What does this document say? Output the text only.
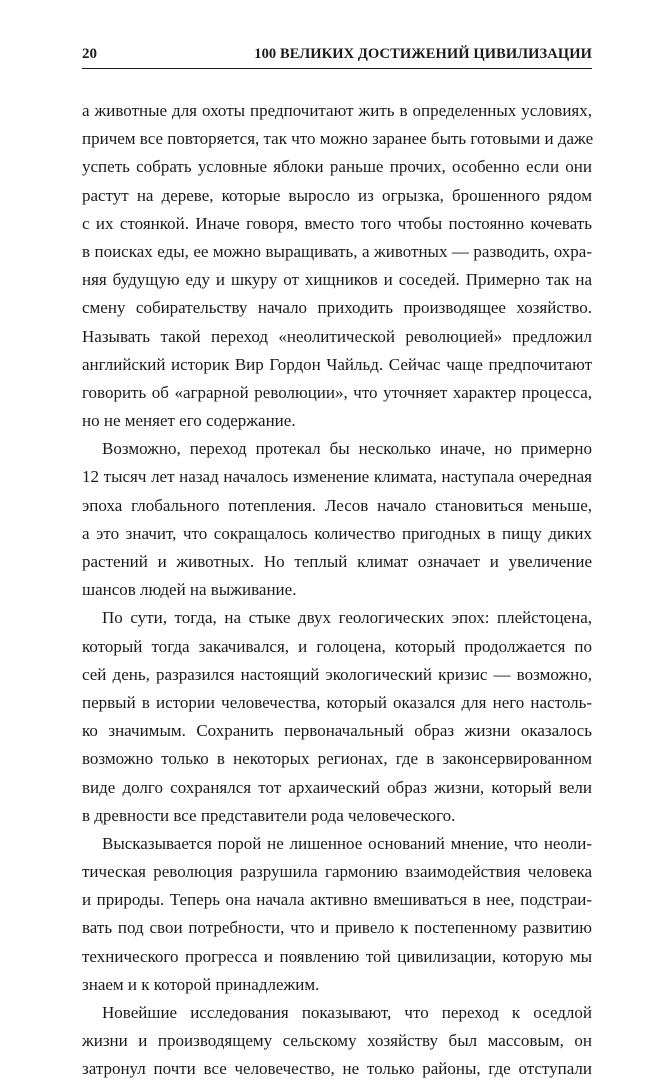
20	100 ВЕЛИКИХ ДОСТИЖЕНИЙ ЦИВИЛИЗАЦИИ
а животные для охоты предпочитают жить в определенных условиях,
причем все повторяется, так что можно заранее быть готовыми и даже
успеть собрать условные яблоки раньше прочих, особенно если они
растут на дереве, которые выросло из огрызка, брошенного рядом
с их стоянкой. Иначе говоря, вместо того чтобы постоянно кочевать
в поисках еды, ее можно выращивать, а животных — разводить, охра-
няя будущую еду и шкуру от хищников и соседей. Примерно так на
смену собирательству начало приходить производящее хозяйство.
Называть такой переход «неолитической революцией» предложил
английский историк Вир Гордон Чайльд. Сейчас чаще предпочитают
говорить об «аграрной революции», что уточняет характер процесса,
но не меняет его содержание.
Возможно, переход протекал бы несколько иначе, но примерно
12 тысяч лет назад началось изменение климата, наступала очередная
эпоха глобального потепления. Лесов начало становиться меньше,
а это значит, что сокращалось количество пригодных в пищу диких
растений и животных. Но теплый климат означает и увеличение
шансов людей на выживание.
По сути, тогда, на стыке двух геологических эпох: плейстоцена,
который тогда закачивался, и голоцена, который продолжается по
сей день, разразился настоящий экологический кризис — возможно,
первый в истории человечества, который оказался для него настоль-
ко значимым. Сохранить первоначальный образ жизни оказалось
возможно только в некоторых регионах, где в законсервированном
виде долго сохранялся тот архаический образ жизни, который вели
в древности все представители рода человеческого.
Высказывается порой не лишенное оснований мнение, что неоли-
тическая революция разрушила гармонию взаимодействия человека
и природы. Теперь она начала активно вмешиваться в нее, подстраи-
вать под свои потребности, что и привело к постепенному развитию
технического прогресса и появлению той цивилизации, которую мы
знаем и к которой принадлежим.
Новейшие исследования показывают, что переход к оседлой
жизни и производящему сельскому хозяйству был массовым, он
затронул почти все человечество, не только районы, где отступали
